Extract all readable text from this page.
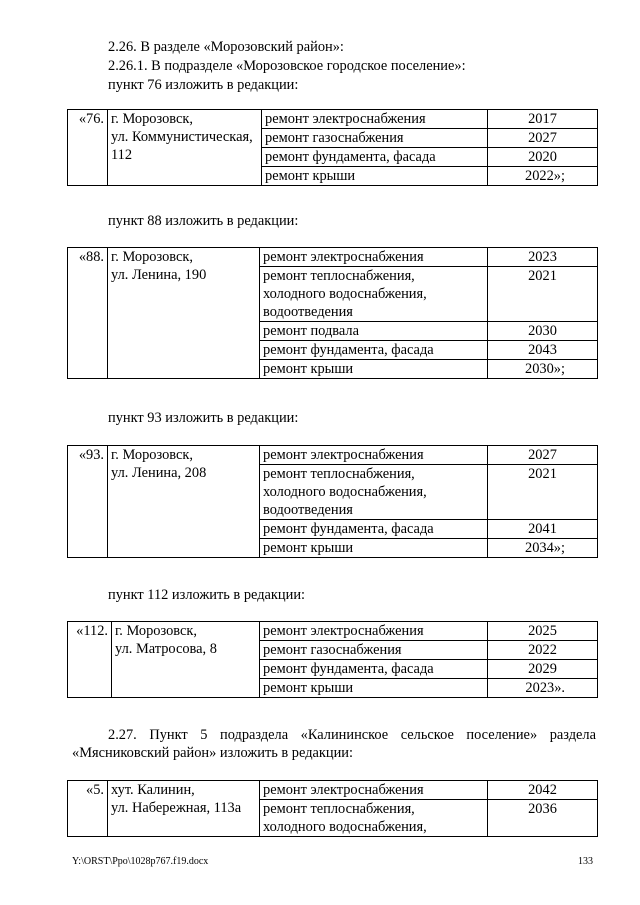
2.26. В разделе «Морозовский район»:
2.26.1. В подразделе «Морозовское городское поселение»:
пункт 76 изложить в редакции:
«76.	г. Морозовск,
ул. Коммунистическая,
112	ремонт электроснабжения	2017
		ремонт газоснабжения	2027
		ремонт фундамента, фасада	2020
		ремонт крыши	2022»;
пункт 88 изложить в редакции:
«88.	г. Морозовск,
ул. Ленина, 190	ремонт электроснабжения	2023

		ремонт теплоснабжения,
холодного водоснабжения,
водоотведения	2021
		ремонт подвала	2030
		ремонт фундамента, фасада	2043
		ремонт крыши	2030»;
пункт 93 изложить в редакции:
«93.	г. Морозовск,
ул. Ленина, 208	ремонт электроснабжения	2027

		ремонт теплоснабжения,
холодного водоснабжения,
водоотведения	2021
		ремонт фундамента, фасада	2041
		ремонт крыши	2034»;
пункт 112 изложить в редакции:
«112.	г. Морозовск,
ул. Матросова, 8	ремонт электроснабжения	2025
		ремонт газоснабжения	2022
		ремонт фундамента, фасада	2029
		ремонт крыши	2023».
2.27. Пункт 5 подраздела «Калининское сельское поселение» раздела «Мясниковский район» изложить в редакции:
«5.	хут. Калинин,
ул. Набережная, 113а	ремонт электроснабжения	2042

		ремонт теплоснабжения,
холодного водоснабжения,	2036
Y:\ORST\Ppo\1028p767.f19.docx	133
